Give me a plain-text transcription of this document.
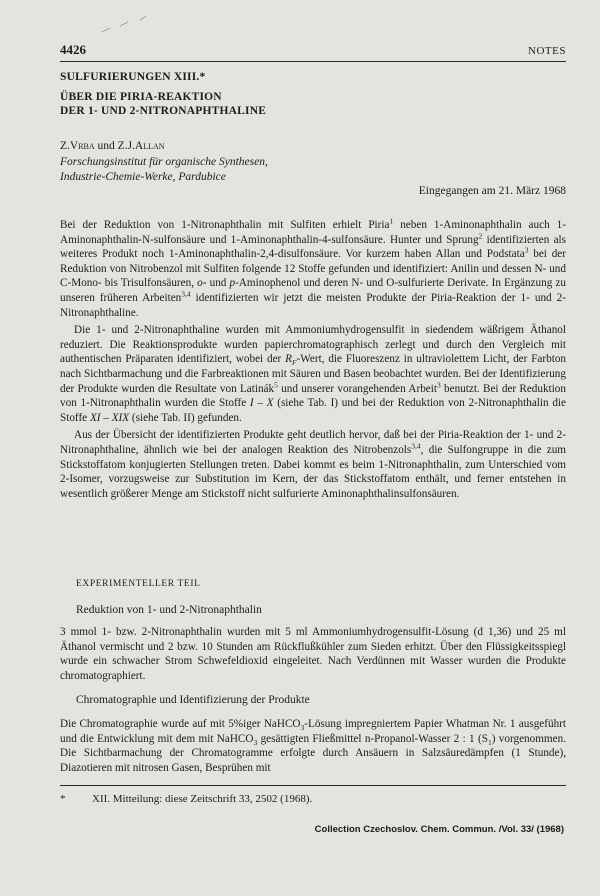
4426	NOTES
SULFURIERUNGEN XIII.*
ÜBER DIE PIRIA-REAKTION
DER 1- UND 2-NITRONAPHTHALINE
Z.Vrba und Z.J.Allan
Forschungsinstitut für organische Synthesen,
Industrie-Chemie-Werke, Pardubice
Eingegangen am 21. März 1968

Bei der Reduktion von 1-Nitronaphthalin mit Sulfiten erhielt Piria$^1$ neben 1-Aminonaphthalin auch 1-Aminonaphthalin-N-sulfonsäure und 1-Aminonaphthalin-4-sulfonsäure. Hunter und Sprung$^2$ identifizierten als weiteres Produkt noch 1-Aminonaphthalin-2,4-disulfonsäure. Vor kurzem haben Allan und Podstata$^3$ bei der Reduktion von Nitrobenzol mit Sulfiten folgende 12 Stoffe gefunden und identifiziert: Anilin und dessen N- und C-Mono- bis Trisulfonsäuren, o- und p-Aminophenol und deren N- und O-sulfurierte Derivate. In Ergänzung zu unseren früheren Arbeiten$^{3,4}$ identifizierten wir jetzt die meisten Produkte der Piria-Reaktion der 1- und 2-Nitronaphthaline.

Die 1- und 2-Nitronaphthaline wurden mit Ammoniumhydrogensulfit in siedendem wäßrigem Äthanol reduziert. Die Reaktionsprodukte wurden papierchromatographisch zerlegt und durch den Vergleich mit authentischen Präparaten identifiziert, wobei der $R_F$-Wert, die Fluoreszenz in ultraviolettem Licht, der Farbton nach Sichtbarmachung und die Farbreaktionen mit Säuren und Basen beobachtet wurden. Bei der Identifizierung der Produkte wurden die Resultate von Latinák$^5$ und unserer vorangehenden Arbeit$^3$ benutzt. Bei der Reduktion von 1-Nitronaphthalin wurden die Stoffe I – X (siehe Tab. I) und bei der Reduktion von 2-Nitronaphthalin die Stoffe XI – XIX (siehe Tab. II) gefunden.

Aus der Übersicht der identifizierten Produkte geht deutlich hervor, daß bei der Piria-Reaktion der 1- und 2-Nitronaphthaline, ähnlich wie bei der analogen Reaktion des Nitrobenzols$^{3,4}$, die Sulfongruppe in die zum Stickstoffatom konjugierten Stellungen treten. Dabei kommt es beim 1-Nitronaphthalin, zum Unterschied vom 2-Isomer, vorzugsweise zur Substitution im Kern, der das Stickstoffatom enthält, und ferner entstehen in wesentlich größerer Menge am Stickstoff nicht sulfurierte Aminonaphthalinsulfonsäuren.

EXPERIMENTELLER TEIL
Reduktion von 1- und 2-Nitronaphthalin

3 mmol 1- bzw. 2-Nitronaphthalin wurden mit 5 ml Ammoniumhydrogensulfit-Lösung (d 1,36) und 25 ml Äthanol vermischt und 2 bzw. 10 Stunden am Rückflußkühler zum Sieden erhitzt. Über den Flüssigkeitsspiegl wurde ein schwacher Strom Schwefeldioxid eingeleitet. Nach Verdünnen mit Wasser wurden die Produkte chromatographiert.

Chromatographie und Identifizierung der Produkte

Die Chromatographie wurde auf mit 5%iger NaHCO$_3$-Lösung impregniertem Papier Whatman Nr. 1 ausgeführt und die Entwicklung mit dem mit NaHCO$_3$ gesättigten Fließmittel n-Propanol-Wasser 2 : 1 $(S_1)$ vorgenommen. Die Sichtbarmachung der Chromatogramme erfolgte durch Ansäuern in Salzsäuredämpfen (1 Stunde), Diazotieren mit nitrosen Gasen, Besprühen mit

*	XII. Mitteilung: diese Zeitschrift 33, 2502 (1968).
Collection Czechoslov. Chem. Commun. /Vol. 33/ (1968)
